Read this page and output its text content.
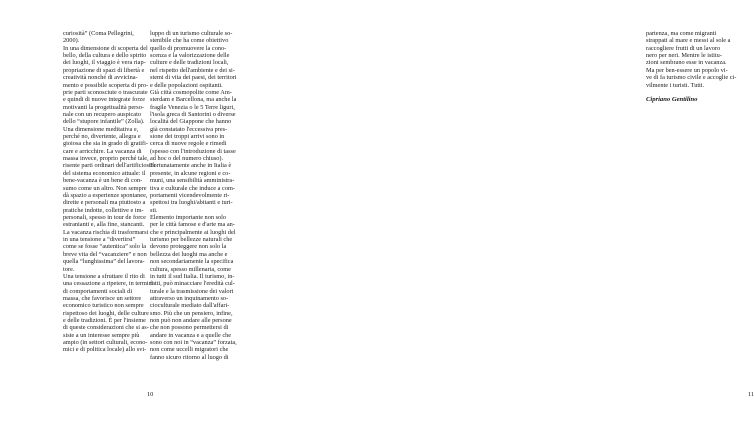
curiosità” (Coma Pellegrini,
2000).
In una dimensione di scoperta del
bello, della cultura e dello spirito
dei luoghi, il viaggio è vera riap-
propriazione di spazi di libertà e
creatività nonché di avvicina-
mento e possibile scoperta di pro-
prie parti sconosciute o trascurate
e quindi di nuove integrate forze
motivanti la progettualità perso-
nale con un recupero auspicato
dello “stupore infantile” (Zolla).
Una dimensione meditativa e,
perché no, divertente, allegra e
gioiosa che sia in grado di gratifi-
care e arricchire. La vacanza di
massa invece, proprio perché tale,
risente parti ordinari dell'artificiosità
del sistema economico attuale: il
bene-vacanza è un bene di con-
sumo come un altro. Non sempre
dà spazio a esperienze spontanee,
dirette e personali ma piuttosto a
pratiche indotte, collettive e im-
personali, spesso in tour de force
estranianti e, alla fine, stancanti.
La vacanza rischia di trasformarsi
in una tensione a “divertirsi”
come se fosse “autentica” solo la
breve vita del “vacanziere” e non
quella “lunghissima” del lavora-
tore.
Una tensione a sfruttare il rito di
una cessazione a ripetere, in termini
di comportamenti sociali di
massa, che favorisce un settore
economico turistico non sempre
rispettoso dei luoghi, delle culture
e delle tradizioni. È per l'insieme
di queste considerazioni che si as-
siste a un interesse sempre più
ampio (in settori culturali, econo-
mici e di politica locale) allo svi-

luppo di un turismo culturale so-
stenibile che ha come obiettivo
quello di promuovere la cono-
scenza e la valorizzazione delle
culture e delle tradizioni locali,
nel rispetto dell'ambiente e dei si-
stemi di vita dei paesi, dei territori
e delle popolazioni ospitanti.
Già città cosmopolite come Am-
sterdam e Barcellona, ma anche la
fragile Venezia o le 5 Terre liguri,
l'isola greca di Santorini o diverse
località del Giappone che hanno
già constatato l'eccessiva pres-
sione dei troppi arrivi sono in
cerca di nuove regole e rimedi
(spesso con l'introduzione di tasse
ad hoc o del numero chiuso).
Fortunatamente anche in Italia è
presente, in alcune regioni e co-
muni, una sensibilità amministra-
tiva e culturale che induce a com-
portamenti vicendevolmente ri-
spettosi tra luoghi/abitanti e turi-
sti.
Elemento importante non solo
per le città famose e d'arte ma an-
che e principalmente ai luoghi del
turismo per bellezze naturali che
devono proteggere non solo la
bellezza dei luoghi ma anche e
non secondariamente la specifica
cultura, spesso millenaria, come
in tutti il sud Italia. Il turismo, in-
fatti, può minacciare l'eredità cul-
turale e la trasmissione dei valori
attraverso un inquinamento so-
cioculturale mediato dall'affari-
smo. Più che un pensiero, infine,
non può non andare alle persone
che non possono permettersi di
andare in vacanza e a quelle che
sono con noi in “vacanza” forzata,
non come uccelli migratori che
fanno sicuro ritorno al luogo di

10

partenza, ma come migranti
strappati al mare e messi al sole a
raccogliere frutti di un lavoro
nero per neri. Mentre le istitu-
zioni sembrano esse in vacanza.
Ma per ben-essere un popolo vi-
ve di fa turismo civile e accoglie ci-
vilmente i turisti. Tutti.

Cipriano Gentilino

11
